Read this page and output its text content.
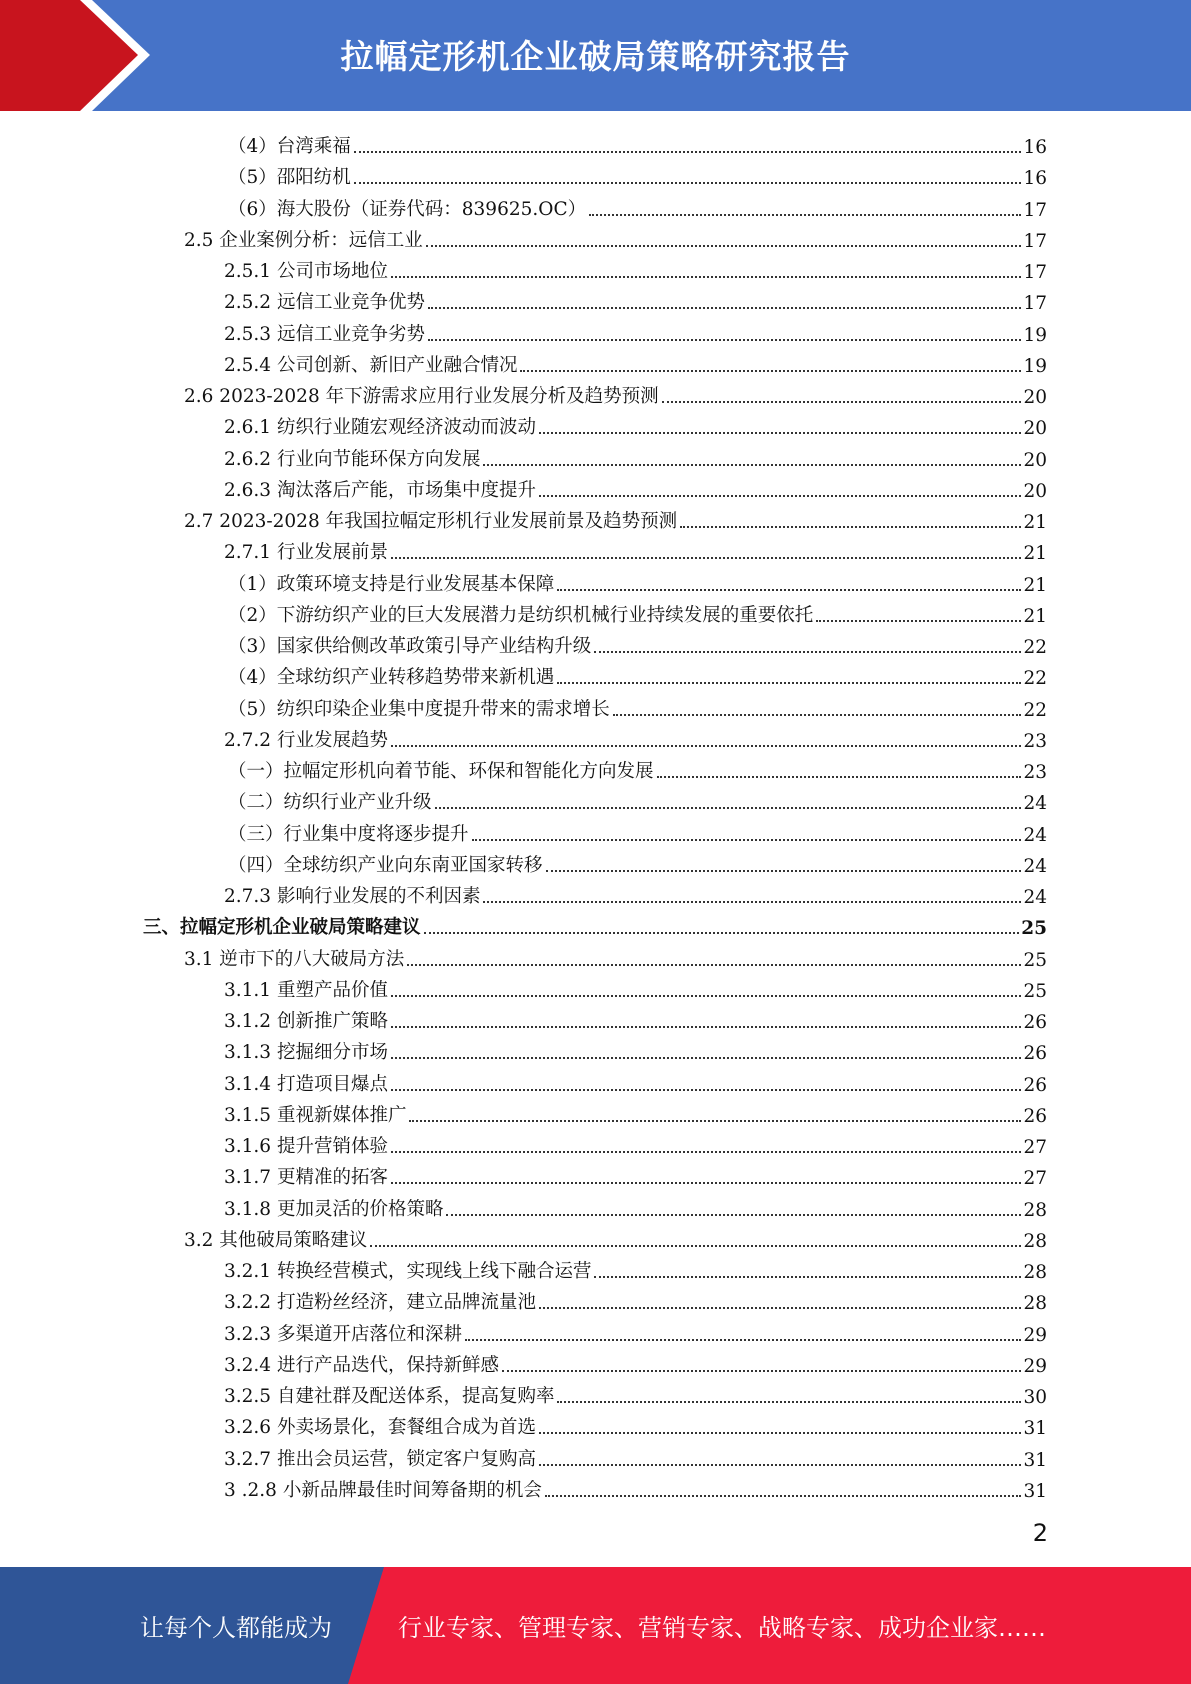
拉幅定形机企业破局策略研究报告
（4）台湾乘福	16
（5）邵阳纺机	16
（6）海大股份（证券代码：839625.OC）	17
2.5 企业案例分析：远信工业	17
2.5.1 公司市场地位	17
2.5.2 远信工业竞争优势	17
2.5.3 远信工业竞争劣势	19
2.5.4 公司创新、新旧产业融合情况	19
2.6 2023-2028 年下游需求应用行业发展分析及趋势预测	20
2.6.1 纺织行业随宏观经济波动而波动	20
2.6.2 行业向节能环保方向发展	20
2.6.3 淘汰落后产能，市场集中度提升	20
2.7 2023-2028 年我国拉幅定形机行业发展前景及趋势预测	21
2.7.1 行业发展前景	21
（1）政策环境支持是行业发展基本保障	21
（2）下游纺织产业的巨大发展潜力是纺织机械行业持续发展的重要依托	21
（3）国家供给侧改革政策引导产业结构升级	22
（4）全球纺织产业转移趋势带来新机遇	22
（5）纺织印染企业集中度提升带来的需求增长	22
2.7.2 行业发展趋势	23
（一）拉幅定形机向着节能、环保和智能化方向发展	23
（二）纺织行业产业升级	24
（三）行业集中度将逐步提升	24
（四）全球纺织产业向东南亚国家转移	24
2.7.3 影响行业发展的不利因素	24
三、拉幅定形机企业破局策略建议	25
3.1 逆市下的八大破局方法	25
3.1.1 重塑产品价值	25
3.1.2 创新推广策略	26
3.1.3 挖掘细分市场	26
3.1.4 打造项目爆点	26
3.1.5 重视新媒体推广	26
3.1.6 提升营销体验	27
3.1.7 更精准的拓客	27
3.1.8 更加灵活的价格策略	28
3.2 其他破局策略建议	28
3.2.1 转换经营模式，实现线上线下融合运营	28
3.2.2 打造粉丝经济，建立品牌流量池	28
3.2.3 多渠道开店落位和深耕	29
3.2.4 进行产品迭代，保持新鲜感	29
3.2.5 自建社群及配送体系，提高复购率	30
3.2.6 外卖场景化，套餐组合成为首选	31
3.2.7 推出会员运营，锁定客户复购高	31
3 .2.8 小新品牌最佳时间筹备期的机会	31
2
让每个人都能成为	行业专家、管理专家、营销专家、战略专家、成功企业家……
